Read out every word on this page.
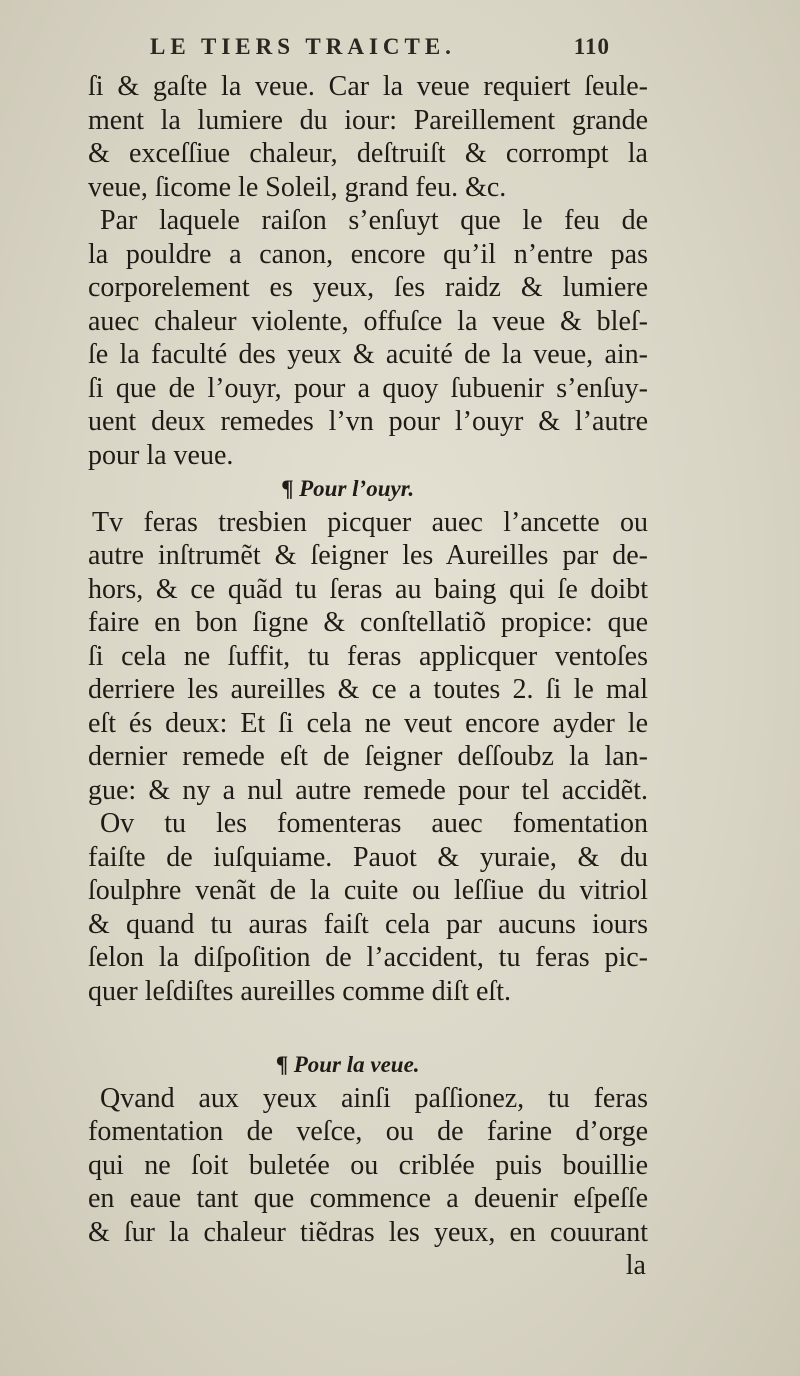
LE TIERS TRAICTE.	110
ſi & gaſte la veue. Car la veue requiert ſeule-
ment la lumiere du iour: Pareillement grande
& exceſſiue chaleur, deſtruiſt & corrompt la
veue, ſicome le Soleil, grand feu. &c.
Par laquele raiſon s’enſuyt que le feu de
la pouldre a canon, encore qu’il n’entre pas
corporelement es yeux, ſes raidz & lumiere
auec chaleur violente, offuſce la veue & bleſ-
ſe la faculté des yeux & acuité de la veue, ain-
ſi que de l’ouyr, pour a quoy ſubuenir s’enſuy-
uent deux remedes l’vn pour l’ouyr & l’autre
pour la veue.
¶ Pour l’ouyr.
Tv feras tresbien picquer auec l’ancette ou
autre inſtrumẽt & ſeigner les Aureilles par de-
hors, & ce quãd tu ſeras au baing qui ſe doibt
faire en bon ſigne & conſtellatiõ propice: que
ſi cela ne ſuffit, tu feras applicquer ventoſes
derriere les aureilles & ce a toutes 2. ſi le mal
eſt és deux: Et ſi cela ne veut encore ayder le
dernier remede eſt de ſeigner deſſoubz la lan-
gue: & ny a nul autre remede pour tel accidẽt.
Ov tu les fomenteras auec fomentation
faiſte de iuſquiame. Pauot & yuraie, & du
ſoulphre venãt de la cuite ou leſſiue du vitriol
& quand tu auras faiſt cela par aucuns iours
ſelon la diſpoſition de l’accident, tu feras pic-
quer leſdiſtes aureilles comme diſt eſt.
¶ Pour la veue.
Qvand aux yeux ainſi paſſionez, tu feras
fomentation de veſce, ou de farine d’orge
qui ne ſoit buletée ou criblée puis bouillie
en eaue tant que commence a deuenir eſpeſſe
& ſur la chaleur tiẽdras les yeux, en couurant
la
